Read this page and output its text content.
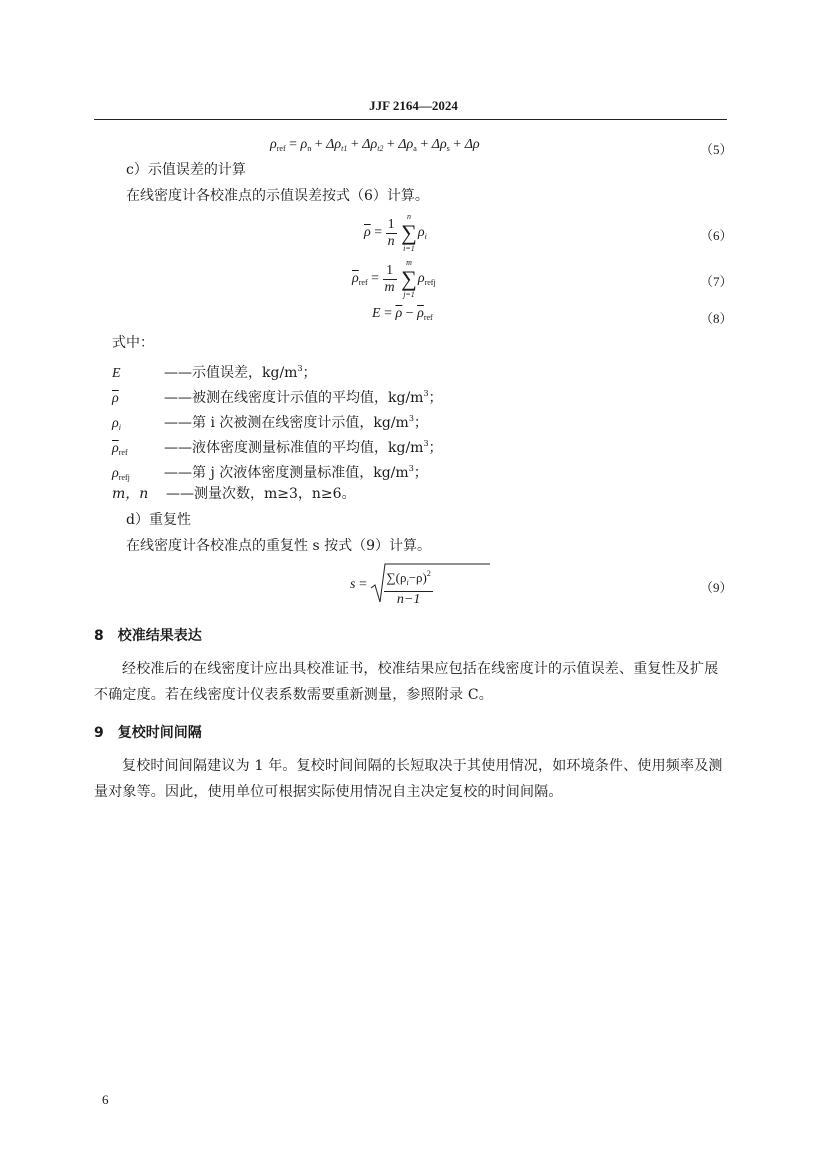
JJF 2164—2024
$\rho_{ref} = \rho_n + \Delta\rho_{t1} + \Delta\rho_{t2} + \Delta\rho_a + \Delta\rho_s + \Delta\rho$	（5）
c）示值误差的计算
在线密度计各校准点的示值误差按式（6）计算。
$\overline{\rho} = \frac{1}{n}$
	n
∑
i=1
$\rho_i$	（6）
$\overline{\rho}_{ref} = \frac{1}{m}$
	m
∑
j=1
$\rho_{refj}$	（7）
$E = \overline{\rho} - \overline{\rho}_{ref}$	（8）
式中：
E	——示值误差，$kg/m^3$；
$\overline{\rho}$	——被测在线密度计示值的平均值，$kg/m^3$；
$\rho_i$	——第 i 次被测在线密度计示值，$kg/m^3$；
$\overline{\rho}_{ref}$	——液体密度测量标准值的平均值，$kg/m^3$；
$\rho_{refj}$ ——第 j 次液体密度测量标准值，$kg/m^3$；
m，n ——测量次数，m≥3，n≥6。
d）重复性
在线密度计各校准点的重复性 s 按式（9）计算。
$s = \frac{\sum(\rho_i-\rho)^2}{n-1}$	（9）
8　校准结果表达
经校准后的在线密度计应出具校准证书，校准结果应包括在线密度计的示值误差、重复性及扩展不确定度。若在线密度计仪表系数需要重新测量，参照附录 C。
9　复校时间间隔
复校时间间隔建议为 1 年。复校时间间隔的长短取决于其使用情况，如环境条件、使用频率及测量对象等。因此，使用单位可根据实际使用情况自主决定复校的时间间隔。
6
